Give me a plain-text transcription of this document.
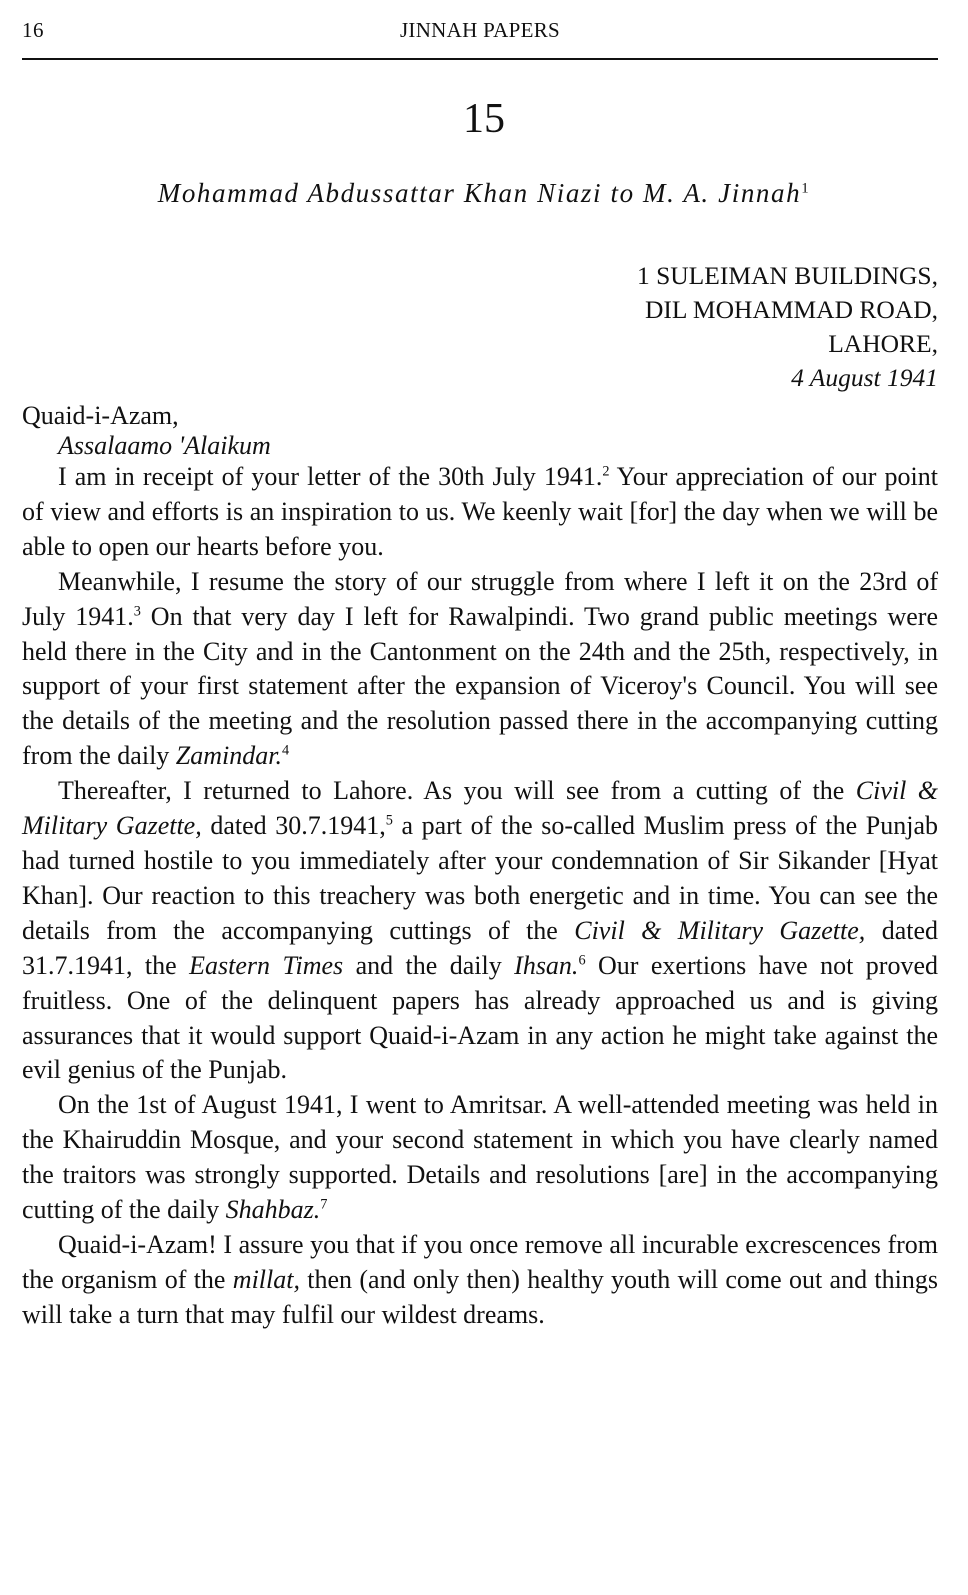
16	JINNAH PAPERS
15
Mohammad Abdussattar Khan Niazi to M. A. Jinnah$^1$
1 SULEIMAN BUILDINGS,
DIL MOHAMMAD ROAD,
LAHORE,
4 August 1941
Quaid-i-Azam,
Assalaamo 'Alaikum

I am in receipt of your letter of the 30th July 1941.$^2$ Your appreciation of our point of view and efforts is an inspiration to us. We keenly wait [for] the day when we will be able to open our hearts before you.

Meanwhile, I resume the story of our struggle from where I left it on the 23rd of July 1941.$^3$ On that very day I left for Rawalpindi. Two grand public meetings were held there in the City and in the Cantonment on the 24th and the 25th, respectively, in support of your first statement after the expansion of Viceroy's Council. You will see the details of the meeting and the resolution passed there in the accompanying cutting from the daily Zamindar.$^4$

Thereafter, I returned to Lahore. As you will see from a cutting of the Civil & Military Gazette, dated 30.7.1941,$^5$ a part of the so-called Muslim press of the Punjab had turned hostile to you immediately after your condemnation of Sir Sikander [Hyat Khan]. Our reaction to this treachery was both energetic and in time. You can see the details from the accompanying cuttings of the Civil & Military Gazette, dated 31.7.1941, the Eastern Times and the daily Ihsan.$^6$ Our exertions have not proved fruitless. One of the delinquent papers has already approached us and is giving assurances that it would support Quaid-i-Azam in any action he might take against the evil genius of the Punjab.

On the 1st of August 1941, I went to Amritsar. A well-attended meeting was held in the Khairuddin Mosque, and your second statement in which you have clearly named the traitors was strongly supported. Details and resolutions [are] in the accompanying cutting of the daily Shahbaz.$^7$

Quaid-i-Azam! I assure you that if you once remove all incurable excrescences from the organism of the millat, then (and only then) healthy youth will come out and things will take a turn that may fulfil our wildest dreams.
